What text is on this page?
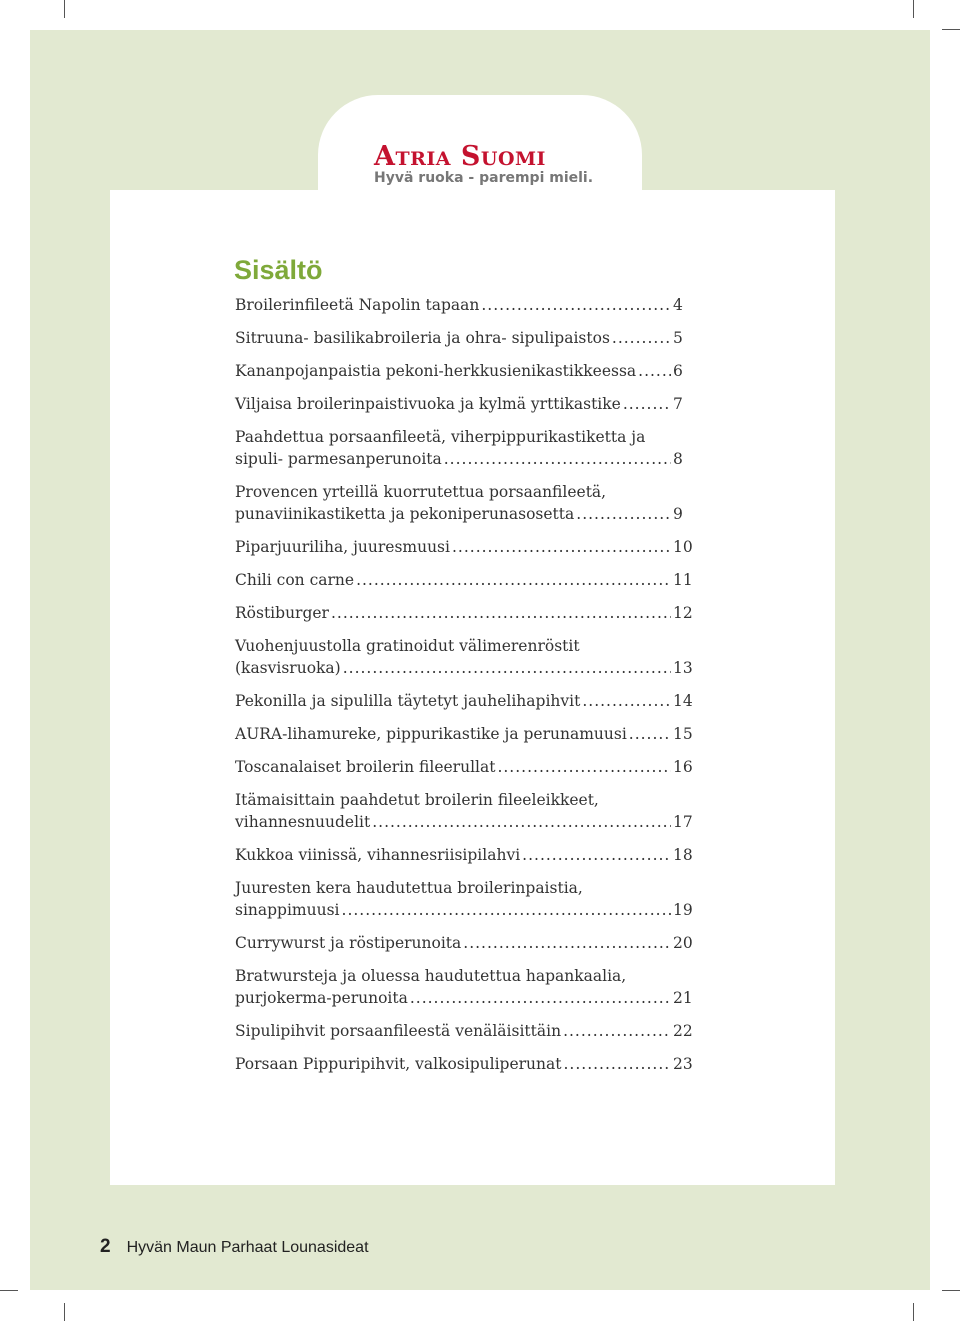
Atria Suomi
Hyvä ruoka - parempi mieli.
Sisältö
Broilerinfileetä Napolin tapaan .....	4
Sitruuna- basilikabroileria ja ohra- sipulipaistos .....	5
Kananpojanpaistia pekoni-herkkusienikastikkeessa ..... 6
Viljaisa broilerinpaistivuoka ja kylmä yrttikastike .....	7
Paahdettua porsaanfileetä, viherpippurikastiketta ja
sipuli- parmesanperunoita .....	8
Provencen yrteillä kuorrutettua porsaanfileetä,
punaviinikastiketta ja pekoniperunasosetta .....	9
Piparjuuriliha, juuresmuusi .....	10
Chili con carne .....	11
Röstiburger .....	12
Vuohenjuustolla gratinoidut välimerenröstit
(kasvisruoka) .....	13
Pekonilla ja sipulilla täytetyt jauhelihapihvit .....	14
AURA-lihamureke, pippurikastike ja perunamuusi .....	15
Toscanalaiset broilerin fileerullat .....	16
Itämaisittain paahdetut broilerin fileeleikkeet,
vihannesnuudelit .....	17
Kukkoa viinissä, vihannesriisipilahvi .....	18
Juuresten kera haudutettua broilerinpaistia,
sinappimuusi .....	19
Currywurst ja röstiperunoita .....	20
Bratwursteja ja oluessa haudutettua hapankaalia,
purjokerma-perunoita .....	21
Sipulipihvit porsaanfileestä venäläisittäin .....	22
Porsaan Pippuripihvit, valkosipuliperunat .....	23
2 Hyvän Maun Parhaat Lounasideat
